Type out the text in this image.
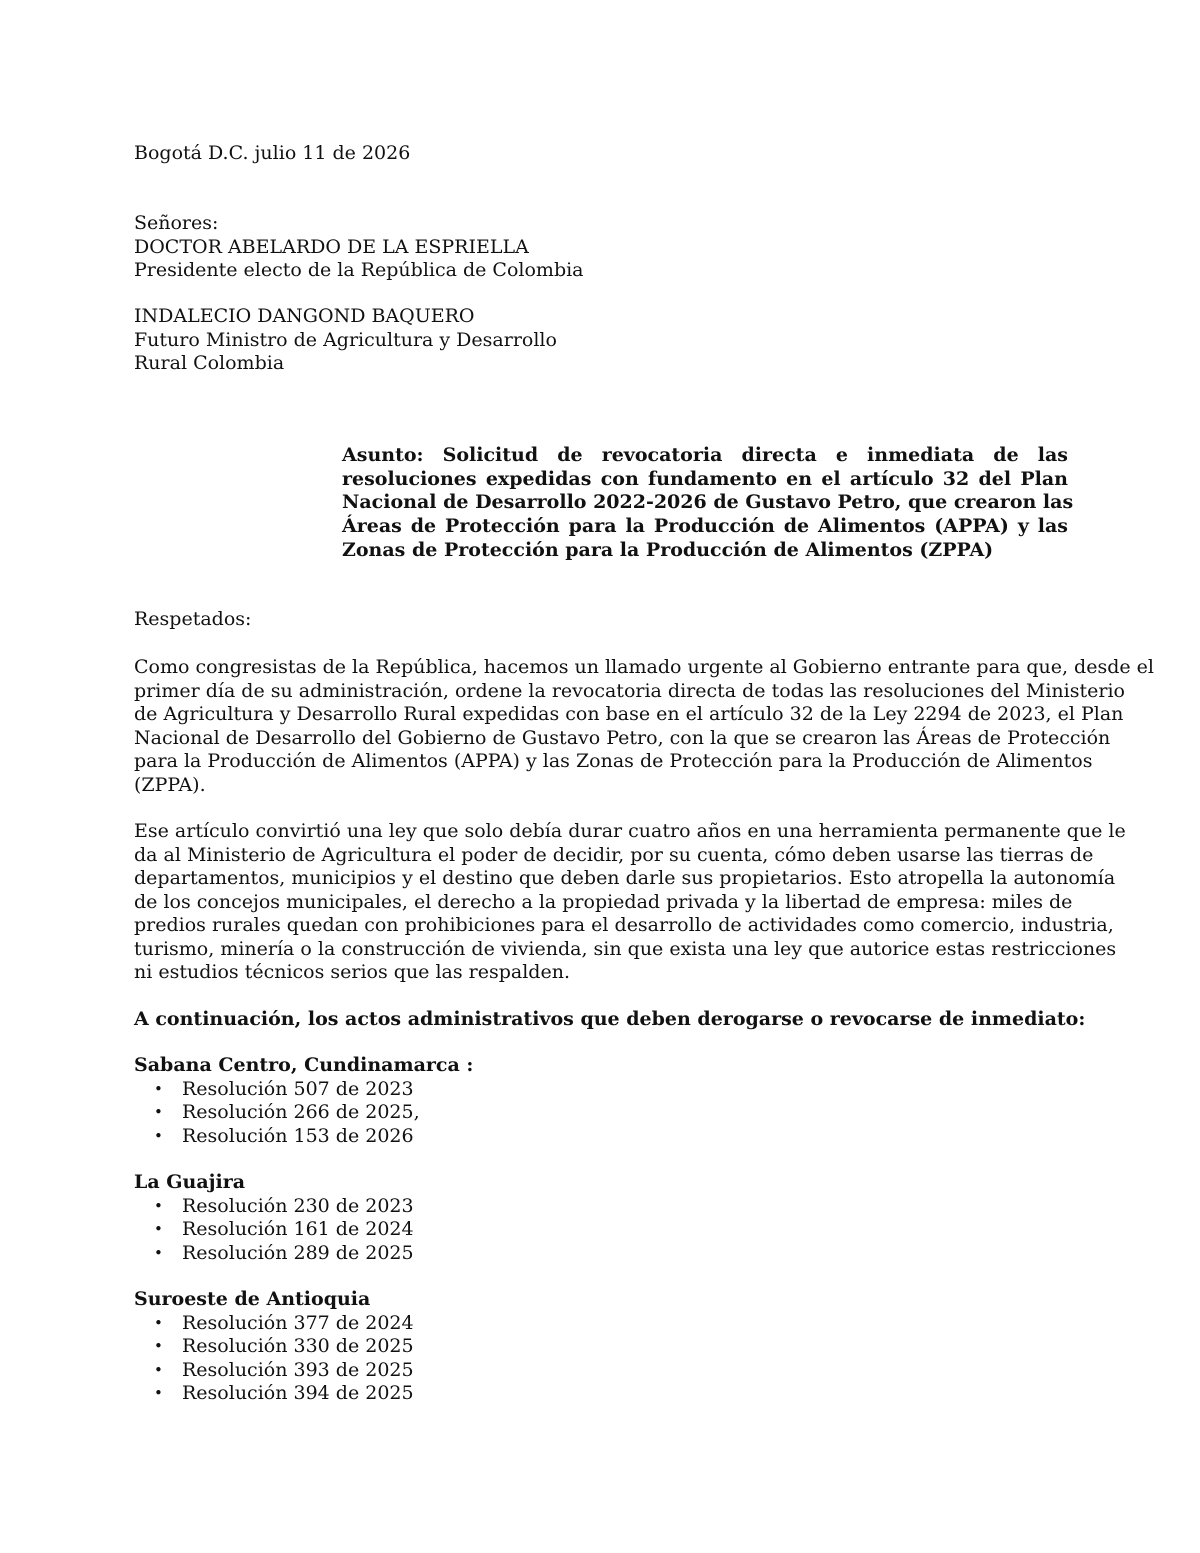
Bogotá D.C. julio 11 de 2026
Señores:
DOCTOR ABELARDO DE LA ESPRIELLA
Presidente electo de la República de Colombia
INDALECIO DANGOND BAQUERO
Futuro Ministro de Agricultura y Desarrollo
Rural Colombia

Asunto: Solicitud de revocatoria directa e inmediata de las
resoluciones expedidas con fundamento en el artículo 32 del Plan
Nacional de Desarrollo 2022-2026 de Gustavo Petro, que crearon las
Áreas de Protección para la Producción de Alimentos (APPA) y las
Zonas de Protección para la Producción de Alimentos (ZPPA)

Respetados:
Como congresistas de la República, hacemos un llamado urgente al Gobierno entrante para que, desde el
primer día de su administración, ordene la revocatoria directa de todas las resoluciones del Ministerio
de Agricultura y Desarrollo Rural expedidas con base en el artículo 32 de la Ley 2294 de 2023, el Plan
Nacional de Desarrollo del Gobierno de Gustavo Petro, con la que se crearon las Áreas de Protección
para la Producción de Alimentos (APPA) y las Zonas de Protección para la Producción de Alimentos
(ZPPA).
Ese artículo convirtió una ley que solo debía durar cuatro años en una herramienta permanente que le
da al Ministerio de Agricultura el poder de decidir, por su cuenta, cómo deben usarse las tierras de
departamentos, municipios y el destino que deben darle sus propietarios. Esto atropella la autonomía
de los concejos municipales, el derecho a la propiedad privada y la libertad de empresa: miles de
predios rurales quedan con prohibiciones para el desarrollo de actividades como comercio, industria,
turismo, minería o la construcción de vivienda, sin que exista una ley que autorice estas restricciones
ni estudios técnicos serios que las respalden.
A continuación, los actos administrativos que deben derogarse o revocarse de inmediato:
Sabana Centro, Cundinamarca :
• Resolución 507 de 2023
• Resolución 266 de 2025,
• Resolución 153 de 2026
La Guajira
• Resolución 230 de 2023
• Resolución 161 de 2024
• Resolución 289 de 2025
Suroeste de Antioquia
• Resolución 377 de 2024
• Resolución 330 de 2025
• Resolución 393 de 2025
• Resolución 394 de 2025
